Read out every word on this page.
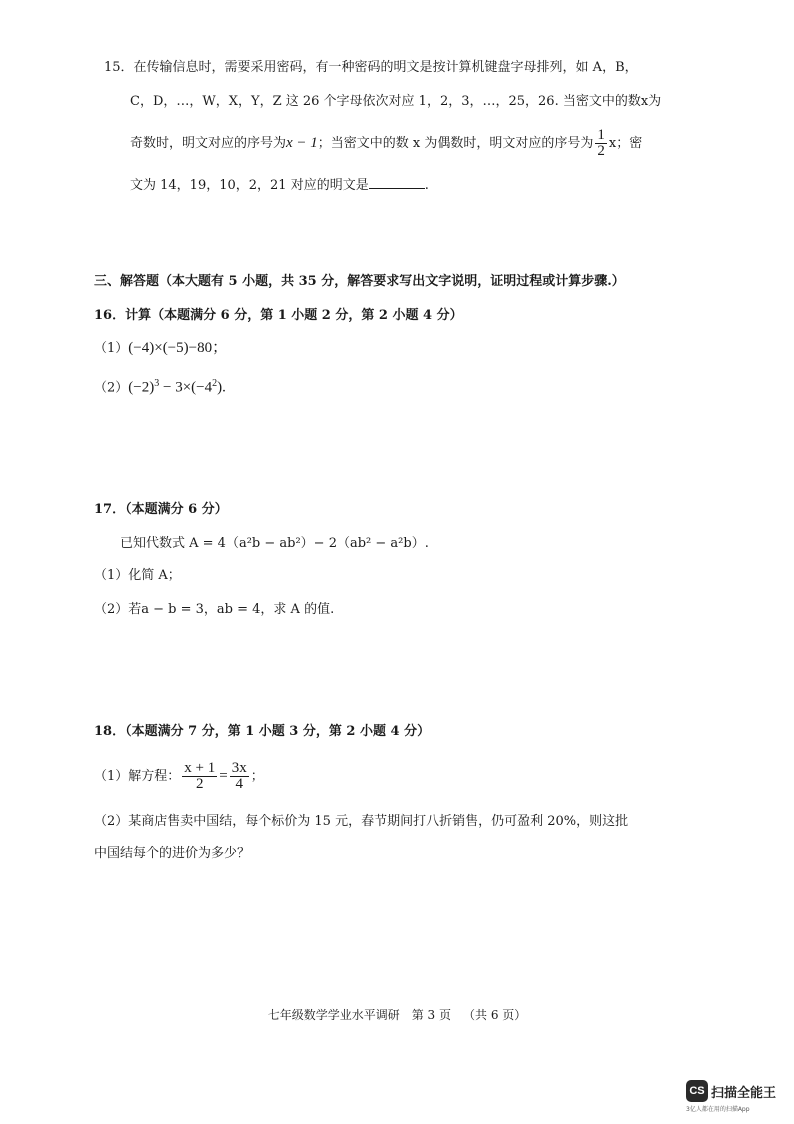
15．在传输信息时，需要采用密码，有一种密码的明文是按计算机键盘字母排列，如 A，B，
C，D，…，W，X，Y，Z 这 26 个字母依次对应 1，2，3，…，25，26. 当密文中的数x为
奇数时，明文对应的序号为x − 1；当密文中的数 x 为偶数时，明文对应的序号为 $\frac{1}{2}$ x；密
文为 14，19，10，2，21 对应的明文是	.
三、解答题（本大题有 5 小题，共 35 分，解答要求写出文字说明，证明过程或计算步骤.）
16．计算（本题满分 6 分，第 1 小题 2 分，第 2 小题 4 分）
（1）(−4)×(−5)−80；
$(2)(-2)^3 - 3\times(-4^2)$.
17．（本题满分 6 分）
已知代数式 A = 4（a²b − ab²）− 2（ab² − a²b）.
（1）化简 A；
（2）若a − b = 3，ab = 4，求 A 的值.
18．（本题满分 7 分，第 1 小题 3 分，第 2 小题 4 分）
（1）解方程： $\frac{x + 1}{2} = \frac{3x}{4}$ ；
（2）某商店售卖中国结，每个标价为 15 元，春节期间打八折销售，仍可盈利 20%，则这批
中国结每个的进价为多少？
七年级数学学业水平调研 第 3 页 （共 6 页）
CS 扫描全能王
3亿人都在用的扫描App
